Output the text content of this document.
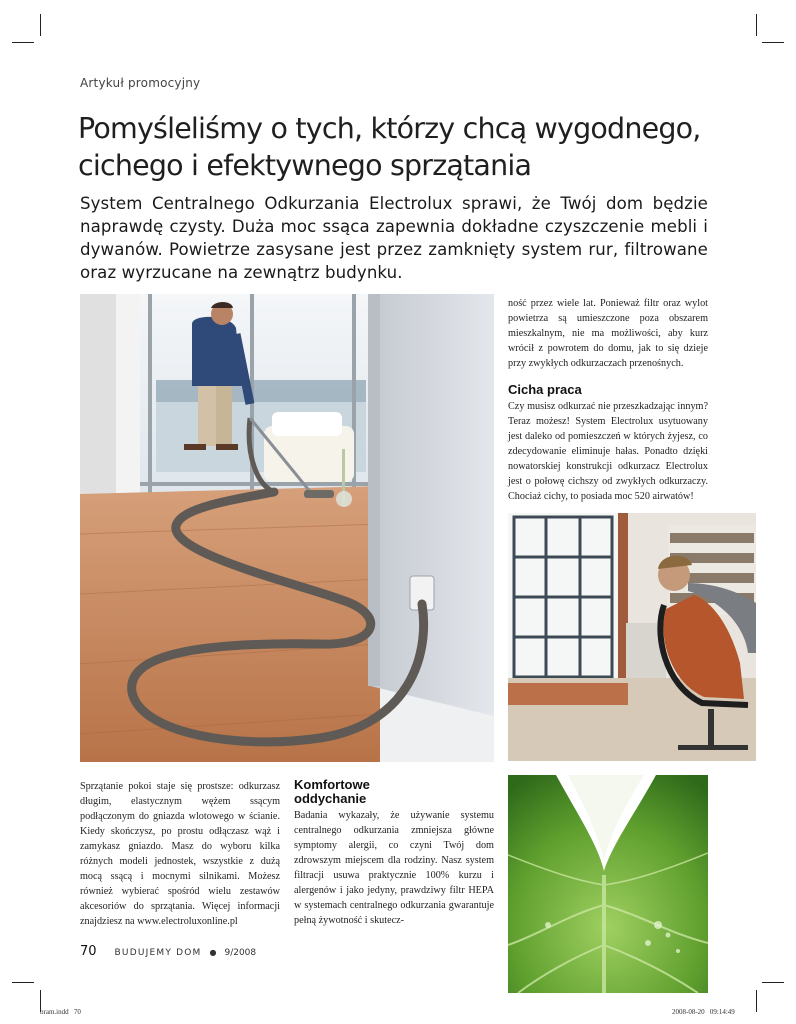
Artykuł promocyjny
Pomyśleliśmy o tych, którzy chcą wygodnego,
cichego i efektywnego sprzątania

System Centralnego Odkurzania Electrolux sprawi, że Twój dom będzie naprawdę czysty. Duża moc ssąca zapewnia dokładne czyszczenie mebli i dywanów. Powietrze zasysane jest przez zamknięty system rur, filtrowane oraz wyrzucane na zewnątrz budynku.

ność przez wiele lat. Ponieważ filtr oraz wylot powietrza są umieszczone poza obszarem mieszkalnym, nie ma możliwości, aby kurz wrócił z powrotem do domu, jak to się dzieje przy zwykłych odkurzaczach przenośnych.

Cicha praca

Czy musisz odkurzać nie przeszkadzając innym? Teraz możesz! System Electrolux usytuowany jest daleko od pomieszczeń w których żyjesz, co zdecydowanie eliminuje hałas. Ponadto dzięki nowatorskiej konstrukcji odkurzacz Electrolux jest o połowę cichszy od zwykłych odkurzaczy. Chociaż cichy, to posiada moc 520 airwatów!

Sprzątanie pokoi staje się prostsze: odkurzasz długim, elastycznym wężem ssącym podłączonym do gniazda wlotowego w ścianie. Kiedy skończysz, po prostu odłączasz wąż i zamykasz gniazdo. Masz do wyboru kilka różnych modeli jednostek, wszystkie z dużą mocą ssącą i mocnymi silnikami. Możesz również wybierać spośród wielu zestawów akcesoriów do sprzątania. Więcej informacji znajdziesz na www.electroluxonline.pl

Komfortowe oddychanie

Badania wykazały, że używanie systemu centralnego odkurzania zmniejsza główne symptomy alergii, co czyni Twój dom zdrowszym miejscem dla rodziny. Nasz system filtracji usuwa praktycznie 100% kurzu i alergenów i jako jedyny, prawdziwy filtr HEPA w systemach centralnego odkurzania gwarantuje pełną żywotność i skutecz-

70 BUDUJEMY DOM ● 9/2008
bram.indd   70	2008-08-20   09:14:49
